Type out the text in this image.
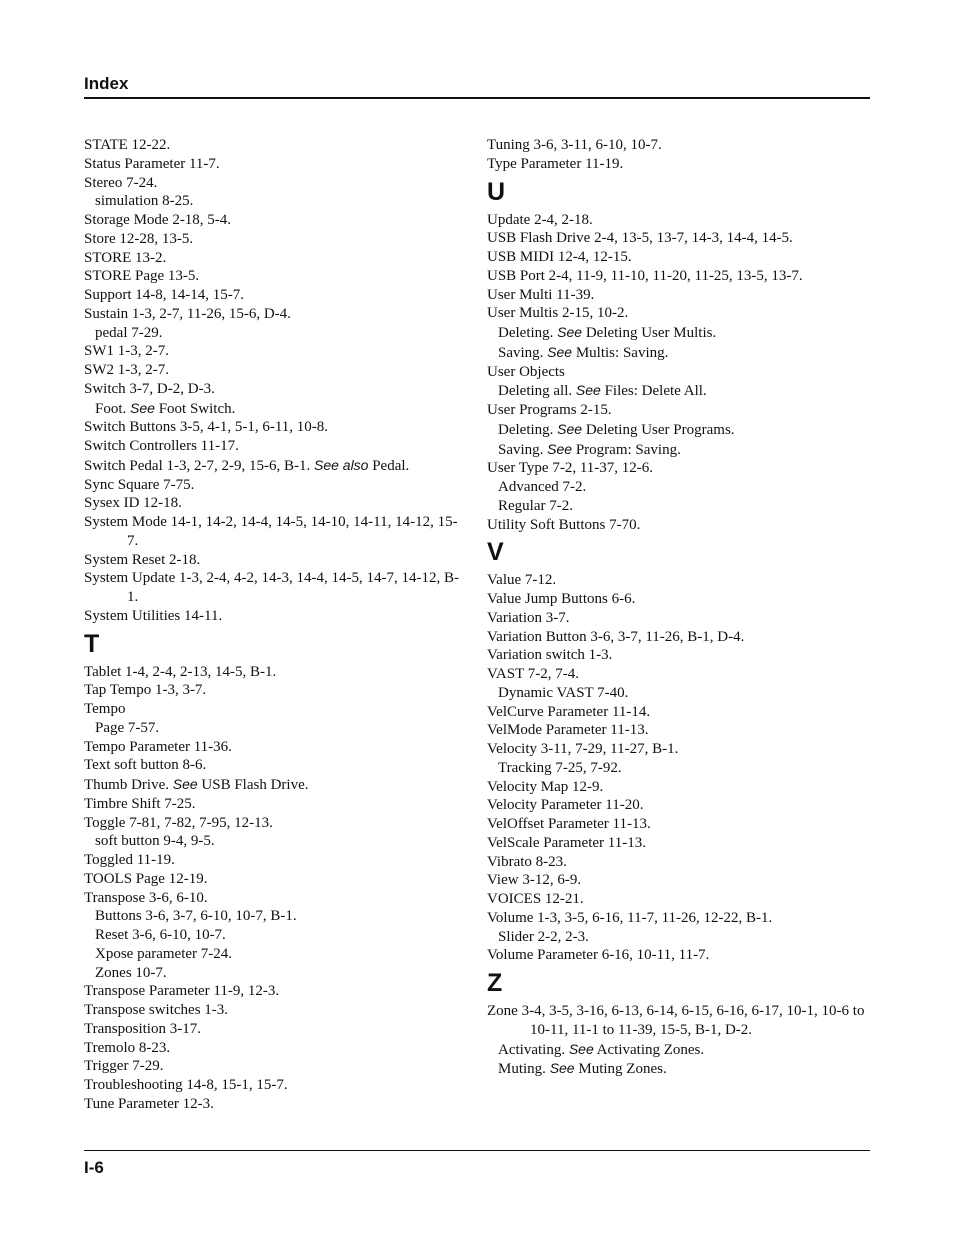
Index
STATE 12-22.
Status Parameter 11-7.
Stereo 7-24.
simulation 8-25.
Storage Mode 2-18, 5-4.
Store 12-28, 13-5.
STORE 13-2.
STORE Page 13-5.
Support 14-8, 14-14, 15-7.
Sustain 1-3, 2-7, 11-26, 15-6, D-4.
pedal 7-29.
SW1 1-3, 2-7.
SW2 1-3, 2-7.
Switch 3-7, D-2, D-3.
Foot. See Foot Switch.
Switch Buttons 3-5, 4-1, 5-1, 6-11, 10-8.
Switch Controllers 11-17.
Switch Pedal 1-3, 2-7, 2-9, 15-6, B-1. See also Pedal.
Sync Square 7-75.
Sysex ID 12-18.
System Mode 14-1, 14-2, 14-4, 14-5, 14-10, 14-11, 14-12, 15-7.
System Reset 2-18.
System Update 1-3, 2-4, 4-2, 14-3, 14-4, 14-5, 14-7, 14-12, B-1.
System Utilities 14-11.
T
Tablet 1-4, 2-4, 2-13, 14-5, B-1.
Tap Tempo 1-3, 3-7.
Tempo
Page 7-57.
Tempo Parameter 11-36.
Text soft button 8-6.
Thumb Drive. See USB Flash Drive.
Timbre Shift 7-25.
Toggle 7-81, 7-82, 7-95, 12-13.
soft button 9-4, 9-5.
Toggled 11-19.
TOOLS Page 12-19.
Transpose 3-6, 6-10.
Buttons 3-6, 3-7, 6-10, 10-7, B-1.
Reset 3-6, 6-10, 10-7.
Xpose parameter 7-24.
Zones 10-7.
Transpose Parameter 11-9, 12-3.
Transpose switches 1-3.
Transposition 3-17.
Tremolo 8-23.
Trigger 7-29.
Troubleshooting 14-8, 15-1, 15-7.
Tune Parameter 12-3.
Tuning 3-6, 3-11, 6-10, 10-7.
Type Parameter 11-19.
U
Update 2-4, 2-18.
USB Flash Drive 2-4, 13-5, 13-7, 14-3, 14-4, 14-5.
USB MIDI 12-4, 12-15.
USB Port 2-4, 11-9, 11-10, 11-20, 11-25, 13-5, 13-7.
User Multi 11-39.
User Multis 2-15, 10-2.
Deleting. See Deleting User Multis.
Saving. See Multis: Saving.
User Objects
Deleting all. See Files: Delete All.
User Programs 2-15.
Deleting. See Deleting User Programs.
Saving. See Program: Saving.
User Type 7-2, 11-37, 12-6.
Advanced 7-2.
Regular 7-2.
Utility Soft Buttons 7-70.
V
Value 7-12.
Value Jump Buttons 6-6.
Variation 3-7.
Variation Button 3-6, 3-7, 11-26, B-1, D-4.
Variation switch 1-3.
VAST 7-2, 7-4.
Dynamic VAST 7-40.
VelCurve Parameter 11-14.
VelMode Parameter 11-13.
Velocity 3-11, 7-29, 11-27, B-1.
Tracking 7-25, 7-92.
Velocity Map 12-9.
Velocity Parameter 11-20.
VelOffset Parameter 11-13.
VelScale Parameter 11-13.
Vibrato 8-23.
View 3-12, 6-9.
VOICES 12-21.
Volume 1-3, 3-5, 6-16, 11-7, 11-26, 12-22, B-1.
Slider 2-2, 2-3.
Volume Parameter 6-16, 10-11, 11-7.
Z
Zone 3-4, 3-5, 3-16, 6-13, 6-14, 6-15, 6-16, 6-17, 10-1, 10-6 to 10-11, 11-1 to 11-39, 15-5, B-1, D-2.
Activating. See Activating Zones.
Muting. See Muting Zones.
I-6
